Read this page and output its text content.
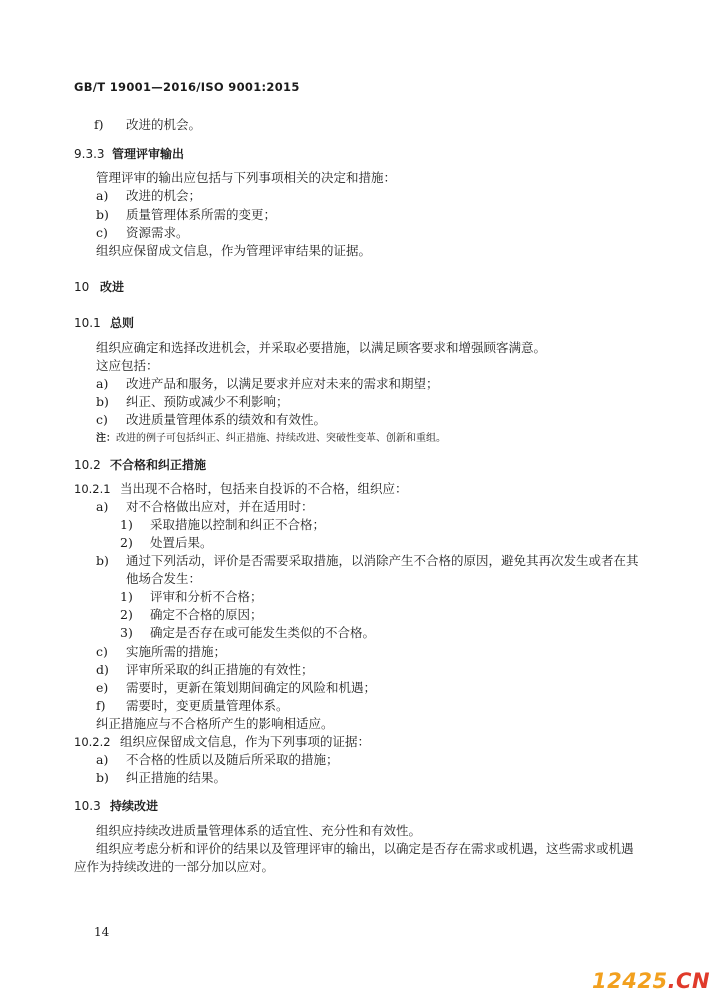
GB/T 19001—2016/ISO 9001:2015
f) 改进的机会。
9.3.3 管理评审输出
管理评审的输出应包括与下列事项相关的决定和措施：
a) 改进的机会；
b) 质量管理体系所需的变更；
c) 资源需求。
组织应保留成文信息，作为管理评审结果的证据。
10 改进
10.1 总则
组织应确定和选择改进机会，并采取必要措施，以满足顾客要求和增强顾客满意。
这应包括：
a) 改进产品和服务，以满足要求并应对未来的需求和期望；
b) 纠正、预防或减少不利影响；
c) 改进质量管理体系的绩效和有效性。
注：改进的例子可包括纠正、纠正措施、持续改进、突破性变革、创新和重组。
10.2 不合格和纠正措施
10.2.1 当出现不合格时，包括来自投诉的不合格，组织应：
a) 对不合格做出应对，并在适用时：
1) 采取措施以控制和纠正不合格；
2) 处置后果。
b) 通过下列活动，评价是否需要采取措施，以消除产生不合格的原因，避免其再次发生或者在其
他场合发生：
1) 评审和分析不合格；
2) 确定不合格的原因；
3) 确定是否存在或可能发生类似的不合格。
c) 实施所需的措施；
d) 评审所采取的纠正措施的有效性；
e) 需要时，更新在策划期间确定的风险和机遇；
f) 需要时，变更质量管理体系。
纠正措施应与不合格所产生的影响相适应。
10.2.2 组织应保留成文信息，作为下列事项的证据：
a) 不合格的性质以及随后所采取的措施；
b) 纠正措施的结果。
10.3 持续改进
组织应持续改进质量管理体系的适宜性、充分性和有效性。
组织应考虑分析和评价的结果以及管理评审的输出，以确定是否存在需求或机遇，这些需求或机遇
应作为持续改进的一部分加以应对。
14
12425.CN
